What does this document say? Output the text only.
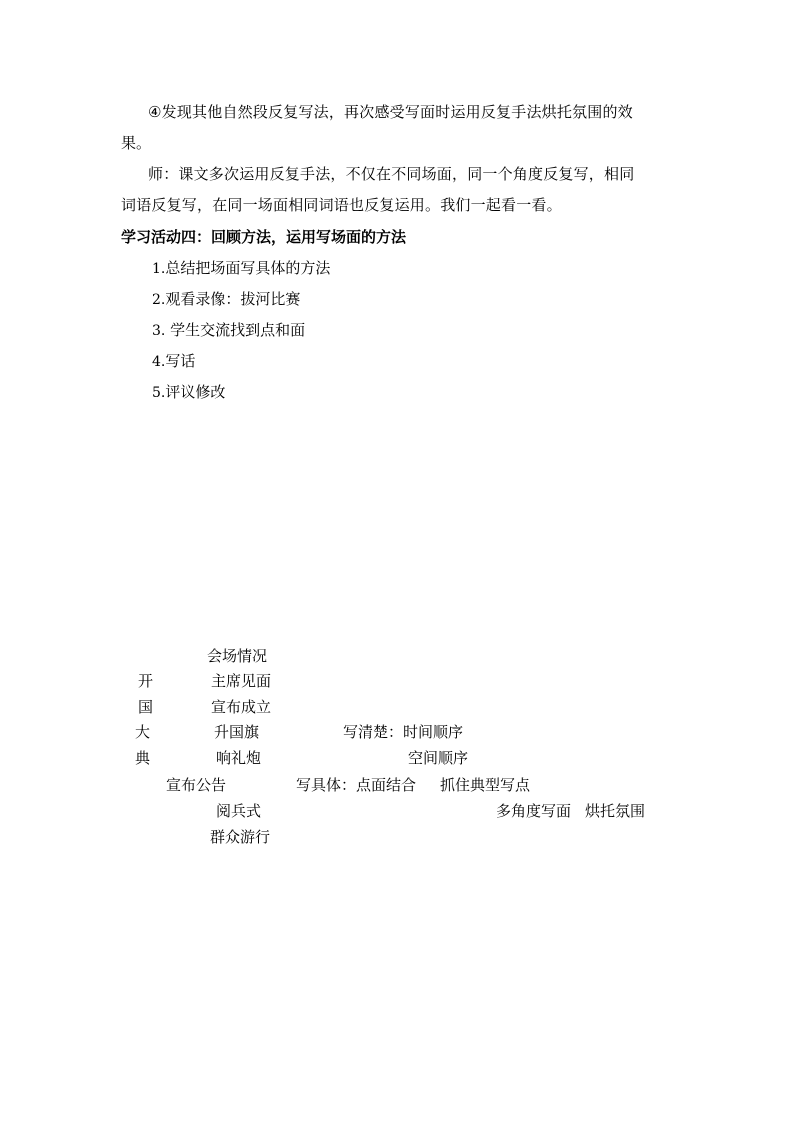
④发现其他自然段反复写法，再次感受写面时运用反复手法烘托氛围的效
果。
师：课文多次运用反复手法，不仅在不同场面，同一个角度反复写，相同
词语反复写，在同一场面相同词语也反复运用。我们一起看一看。
学习活动四：回顾方法，运用写场面的方法
1.总结把场面写具体的方法
2.观看录像：拔河比赛
3. 学生交流找到点和面
4.写话
5.评议修改
开
国
大
典
会场情况
主席见面
宣布成立
升国旗
响礼炮
宣布公告
阅兵式
群众游行
写清楚：时间顺序
空间顺序
写具体：点面结合 抓住典型写点
多角度写面 烘托氛围
